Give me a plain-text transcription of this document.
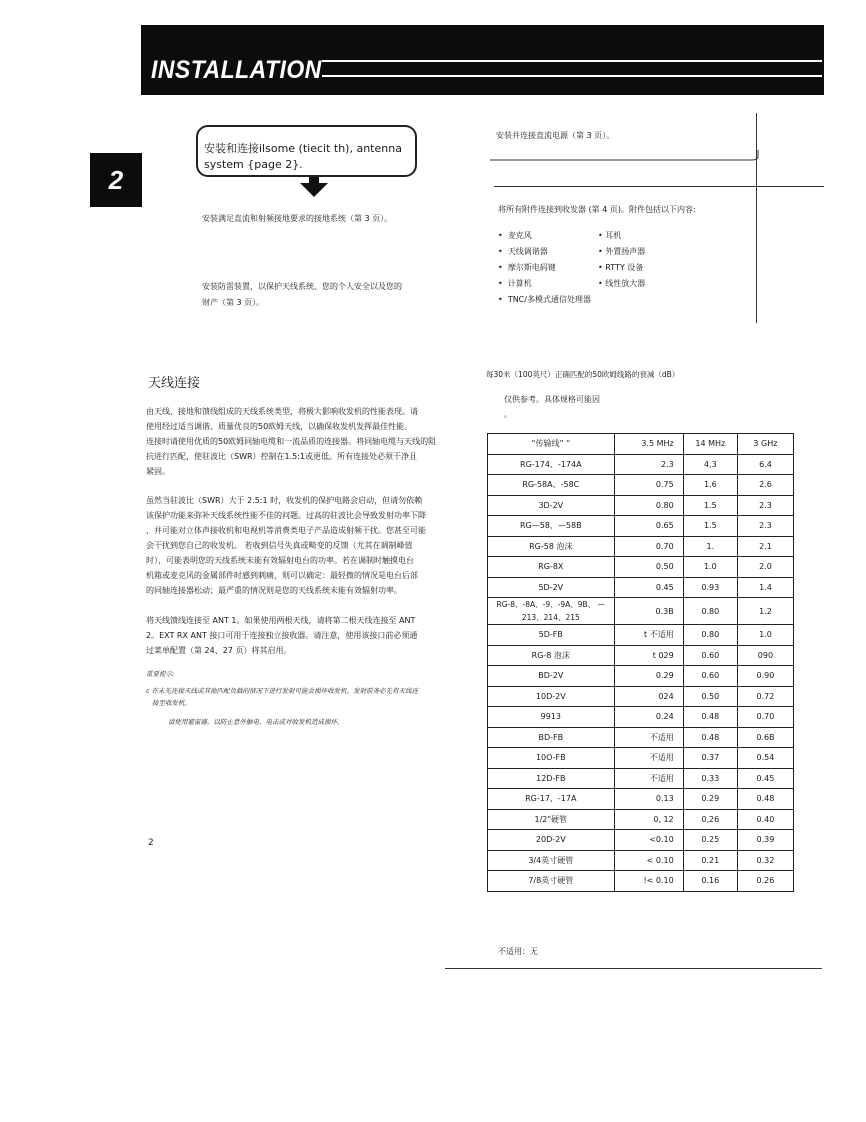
INSTALLATION
2
安装和连接ilsome (tiecit th), antenna system {page 2}.
安装满足直流和射频接地要求的接地系统（第 3 页）。
安装防雷装置，以保护天线系统、您的个人安全以及您的
财产（第 3 页）。
安装并连接直流电源（第 3 页）。
将所有附件连接到收发器 (第 4 页)。附件包括以下内容:
•  麦克风
•  天线调谐器
•  摩尔斯电码键
•  计算机
•  TNC/多模式通信处理器
• 耳机
• 外置扬声器
• RTTY 设备
• 线性放大器
天线连接
由天线、接地和馈线组成的天线系统类型，将极大影响收发机的性能表现。请
使用经过适当调谐、质量优良的50欧姆天线，以确保收发机发挥最佳性能。
连接时请使用优质的50欧姆同轴电缆和一流品质的连接器。将同轴电缆与天线的阻
抗进行匹配，使驻波比（SWR）控制在1.5:1或更低。所有连接处必须干净且
紧固。
虽然当驻波比（SWR）大于 2.5:1 时，收发机的保护电路会启动，但请勿依赖
该保护功能来弥补天线系统性能不佳的问题。过高的驻波比会导致发射功率下降
，并可能对立体声接收机和电视机等消费类电子产品造成射频干扰。您甚至可能
会干扰到您自己的收发机。 若收到信号失真或畸变的反馈（尤其在调制峰值
时），可能表明您的天线系统未能有效辐射电台的功率。若在调制时触摸电台
机箱或麦克风的金属部件时感到刺痛，则可以确定：最轻微的情况是电台后部
的同轴连接器松动；最严重的情况则是您的天线系统未能有效辐射功率。
将天线馈线连接至 ANT 1。如果使用两根天线，请将第二根天线连接至 ANT
2。EXT RX ANT 接口可用于连接独立接收器。请注意，使用该接口前必须通
过菜单配置（第 24、27 页）将其启用。
重要提示:
c 在未先连接天线或其他匹配负载的情况下进行发射可能会损坏收发机。发射前务必先将天线连
接至收发机。
请使用避雷器，以防止意外触电、电击或对收发机造成损坏。
2
每30米（100英尺）正确匹配的50欧姆线路的衰减（dB）
仅供参考。具体规格可能因
。
“传输线” “	3.5 MHz	14 MHz	3 GHz
RG-174、-174A	2.3	4,3	6.4
RG-58A、-58C	0.75	1.6	2.6
3D-2V	0.80	1.5	2.3
RG—58、—58B	0.65	1.5	2.3
RG-58 泡沫	0.70	1.	2.1
RG-8X	0.50	1.0	2.0
5D-2V	0.45	0.93	1.4
RG-8、-8A、-9、-9A、9B、 —213、214、215	0.3B	0.80	1.2
5D-FB	t 不适用	0.80	1.0
RG-8 泡沫	t 029	0.60	090
BD-2V	0.29	0.60	0.90
10D-2V	024	0.50	0.72
9913	0.24	0.48	0.70
BD-FB	不适用	0.48	0.6B
10O-FB	不适用	0.37	0.54
12D-FB	不适用	0.33	0.45
RG-17、-17A	0.13	0.29	0.48
1/2"硬管	0, 12	0,26	0.40
20D-2V	<0.10	0.25	0.39
3/4英寸硬管	< 0.10	0.21	0.32
7/8英寸硬管	!< 0.10	0.16	0.26
不适用：无
